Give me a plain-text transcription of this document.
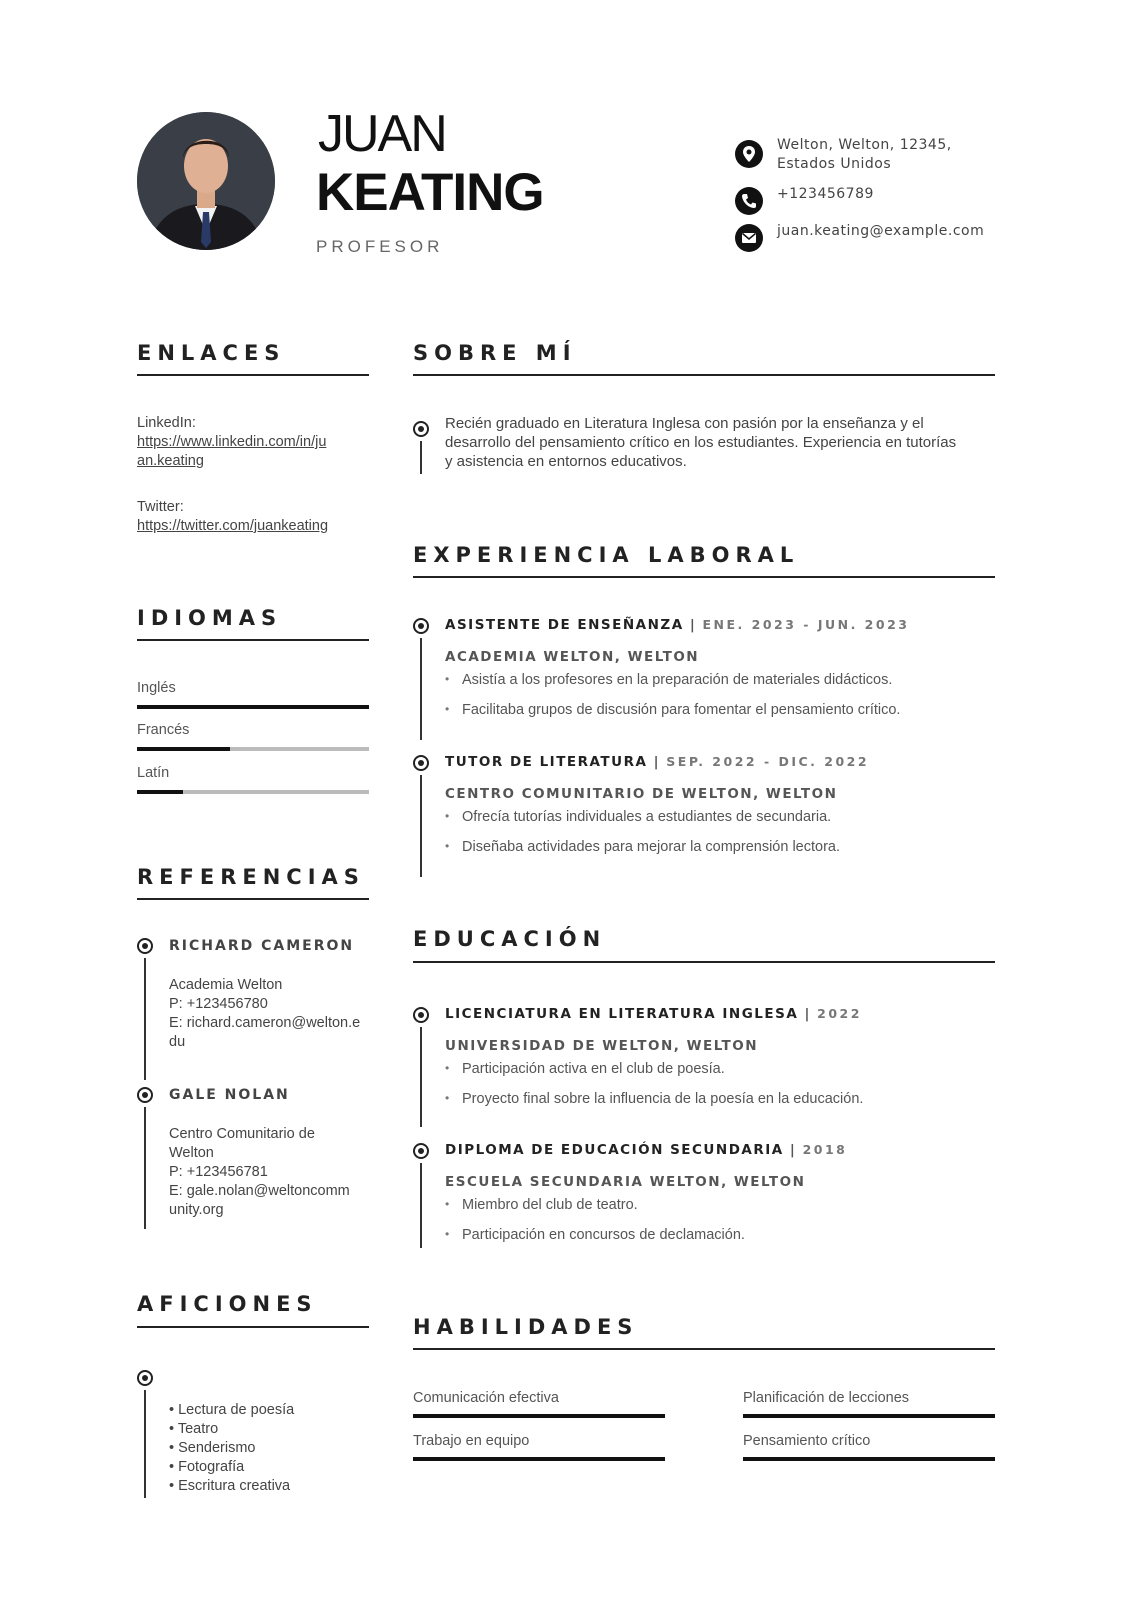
JUAN
KEATING
PROFESOR
Welton, Welton, 12345,
Estados Unidos
+123456789
juan.keating@example.com
ENLACES
LinkedIn:
https://www.linkedin.com/in/ju
an.keating
Twitter:
https://twitter.com/juankeating
IDIOMAS
Inglés
Francés
Latín
REFERENCIAS
RICHARD CAMERON
Academia Welton
P: +123456780
E: richard.cameron@welton.e
du
GALE NOLAN
Centro Comunitario de
Welton
P: +123456781
E: gale.nolan@weltoncomm
unity.org
AFICIONES
• Lectura de poesía
• Teatro
• Senderismo
• Fotografía
• Escritura creativa
SOBRE MÍ
Recién graduado en Literatura Inglesa con pasión por la enseñanza y el
desarrollo del pensamiento crítico en los estudiantes. Experiencia en tutorías
y asistencia en entornos educativos.
EXPERIENCIA LABORAL
ASISTENTE DE ENSEÑANZA | ENE. 2023 - JUN. 2023
ACADEMIA WELTON, WELTON
• Asistía a los profesores en la preparación de materiales didácticos.
• Facilitaba grupos de discusión para fomentar el pensamiento crítico.
TUTOR DE LITERATURA | SEP. 2022 - DIC. 2022
CENTRO COMUNITARIO DE WELTON, WELTON
• Ofrecía tutorías individuales a estudiantes de secundaria.
• Diseñaba actividades para mejorar la comprensión lectora.
EDUCACIÓN
LICENCIATURA EN LITERATURA INGLESA | 2022
UNIVERSIDAD DE WELTON, WELTON
• Participación activa en el club de poesía.
• Proyecto final sobre la influencia de la poesía en la educación.
DIPLOMA DE EDUCACIÓN SECUNDARIA | 2018
ESCUELA SECUNDARIA WELTON, WELTON
• Miembro del club de teatro.
• Participación en concursos de declamación.
HABILIDADES
Comunicación efectiva	Planificación de lecciones
Trabajo en equipo	Pensamiento crítico
